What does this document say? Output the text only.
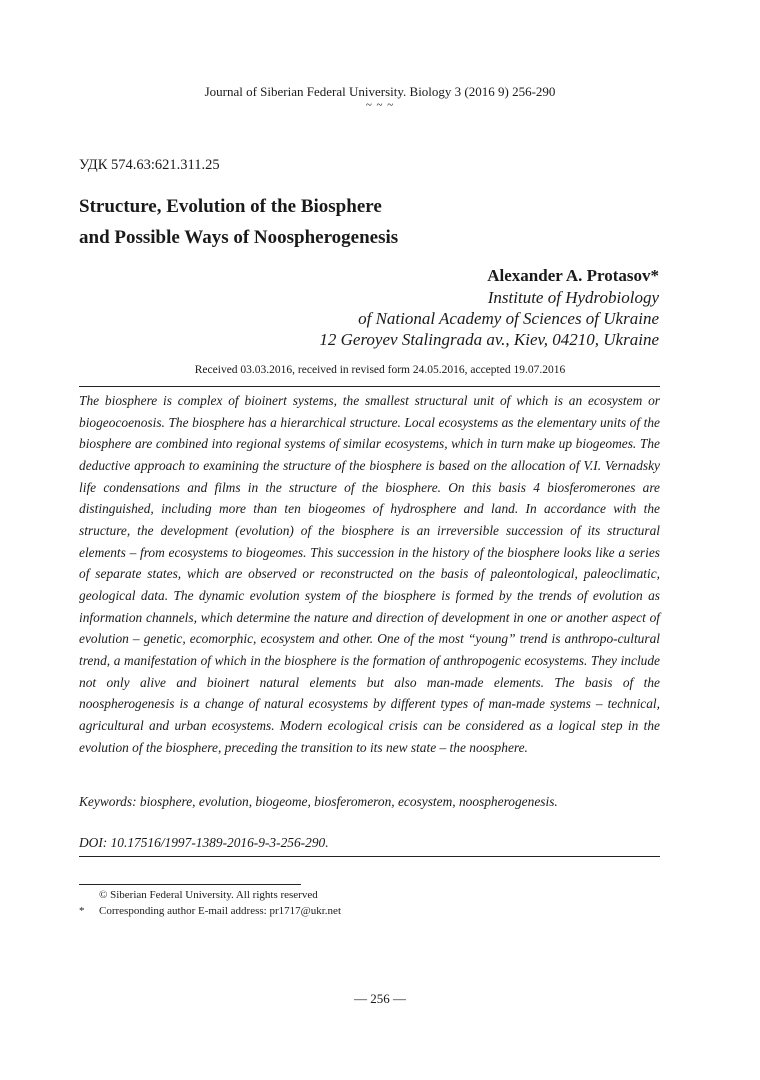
Journal of Siberian Federal University. Biology 3 (2016 9) 256-290
~ ~ ~
УДК 574.63:621.311.25
Structure, Evolution of the Biosphere
and Possible Ways of Noospherogenesis
Alexander A. Protasov*
Institute of Hydrobiology
of National Academy of Sciences of Ukraine
12 Geroyev Stalingrada av., Kiev, 04210, Ukraine
Received 03.03.2016, received in revised form 24.05.2016, accepted 19.07.2016

The biosphere is complex of bioinert systems, the smallest structural unit of which is an ecosystem or biogeocoenosis. The biosphere has a hierarchical structure. Local ecosystems as the elementary units of the biosphere are combined into regional systems of similar ecosystems, which in turn make up biogeomes. The deductive approach to examining the structure of the biosphere is based on the allocation of V.I. Vernadsky life condensations and films in the structure of the biosphere. On this basis 4 biosferomerones are distinguished, including more than ten biogeomes of hydrosphere and land. In accordance with the structure, the development (evolution) of the biosphere is an irreversible succession of its structural elements – from ecosystems to biogeomes. This succession in the history of the biosphere looks like a series of separate states, which are observed or reconstructed on the basis of paleontological, paleoclimatic, geological data. The dynamic evolution system of the biosphere is formed by the trends of evolution as information channels, which determine the nature and direction of development in one or another aspect of evolution – genetic, ecomorphic, ecosystem and other. One of the most “young” trend is anthropo-cultural trend, a manifestation of which in the biosphere is the formation of anthropogenic ecosystems. They include not only alive and bioinert natural elements but also man-made elements. The basis of the noospherogenesis is a change of natural ecosystems by different types of man-made systems – technical, agricultural and urban ecosystems. Modern ecological crisis can be considered as a logical step in the evolution of the biosphere, preceding the transition to its new state – the noosphere.

Keywords: biosphere, evolution, biogeome, biosferomeron, ecosystem, noospherogenesis.
DOI: 10.17516/1997-1389-2016-9-3-256-290.
© Siberian Federal University. All rights reserved
* Corresponding author E-mail address: pr1717@ukr.net
— 256 —
